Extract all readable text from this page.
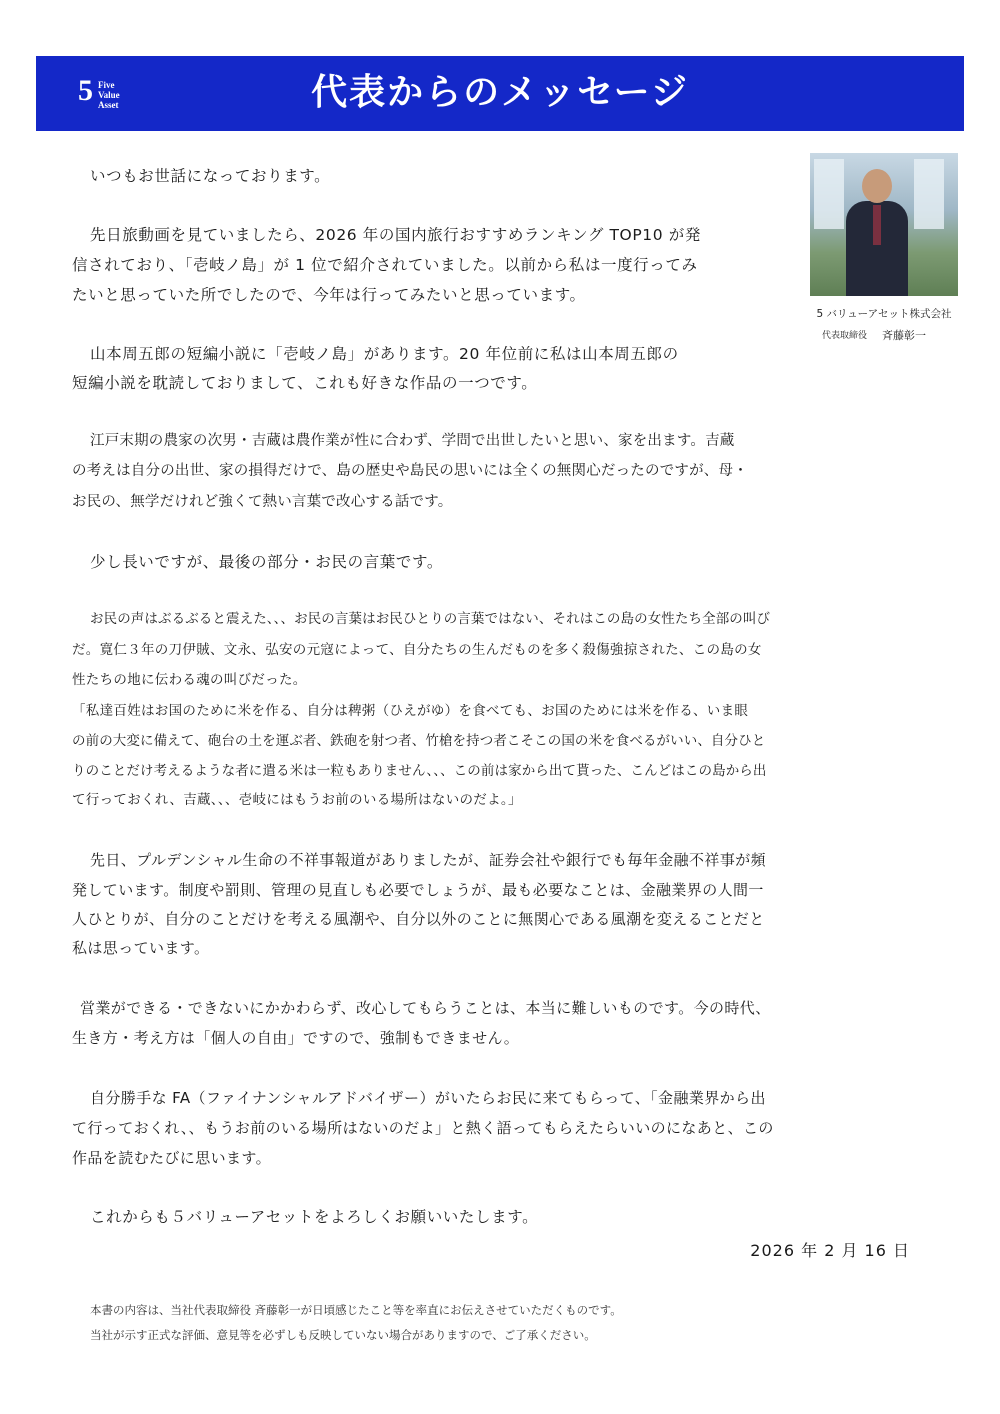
5 Five
Value
Asset	代表からのメッセージ
5 バリューアセット株式会社
代表取締役 斉藤彰一

いつもお世話になっております。

先日旅動画を見ていましたら、2026 年の国内旅行おすすめランキング TOP10 が発

信されており、「壱岐ノ島」が 1 位で紹介されていました。以前から私は一度行ってみ

たいと思っていた所でしたので、今年は行ってみたいと思っています。

山本周五郎の短編小説に「壱岐ノ島」があります。20 年位前に私は山本周五郎の

短編小説を耽読しておりまして、これも好きな作品の一つです。

江戸末期の農家の次男・吉蔵は農作業が性に合わず、学問で出世したいと思い、家を出ます。吉蔵

の考えは自分の出世、家の損得だけで、島の歴史や島民の思いには全くの無関心だったのですが、母・

お民の、無学だけれど強くて熱い言葉で改心する話です。

少し長いですが、最後の部分・お民の言葉です。

お民の声はぶるぶると震えた、、、お民の言葉はお民ひとりの言葉ではない、それはこの島の女性たち全部の叫び

だ。寛仁３年の刀伊賊、文永、弘安の元寇によって、自分たちの生んだものを多く殺傷強掠された、この島の女

性たちの地に伝わる魂の叫びだった。

「私達百姓はお国のために米を作る、自分は稗粥（ひえがゆ）を食べても、お国のためには米を作る、いま眼

の前の大変に備えて、砲台の土を運ぶ者、鉄砲を射つ者、竹槍を持つ者こそこの国の米を食べるがいい、自分ひと

りのことだけ考えるような者に遣る米は一粒もありません、、、この前は家から出て貰った、こんどはこの島から出

て行っておくれ、吉蔵、、、壱岐にはもうお前のいる場所はないのだよ。」

先日、プルデンシャル生命の不祥事報道がありましたが、証券会社や銀行でも毎年金融不祥事が頻

発しています。制度や罰則、管理の見直しも必要でしょうが、最も必要なことは、金融業界の人間一

人ひとりが、自分のことだけを考える風潮や、自分以外のことに無関心である風潮を変えることだと

私は思っています。

営業ができる・できないにかかわらず、改心してもらうことは、本当に難しいものです。今の時代、

生き方・考え方は「個人の自由」ですので、強制もできません。

自分勝手な FA（ファイナンシャルアドバイザー）がいたらお民に来てもらって、「金融業界から出

て行っておくれ、、もうお前のいる場所はないのだよ」と熱く語ってもらえたらいいのになあと、この

作品を読むたびに思います。

これからも５バリューアセットをよろしくお願いいたします。

2026 年 2 月 16 日
本書の内容は、当社代表取締役 斉藤彰一が日頃感じたこと等を率直にお伝えさせていただくものです。
当社が示す正式な評価、意見等を必ずしも反映していない場合がありますので、ご了承ください。
